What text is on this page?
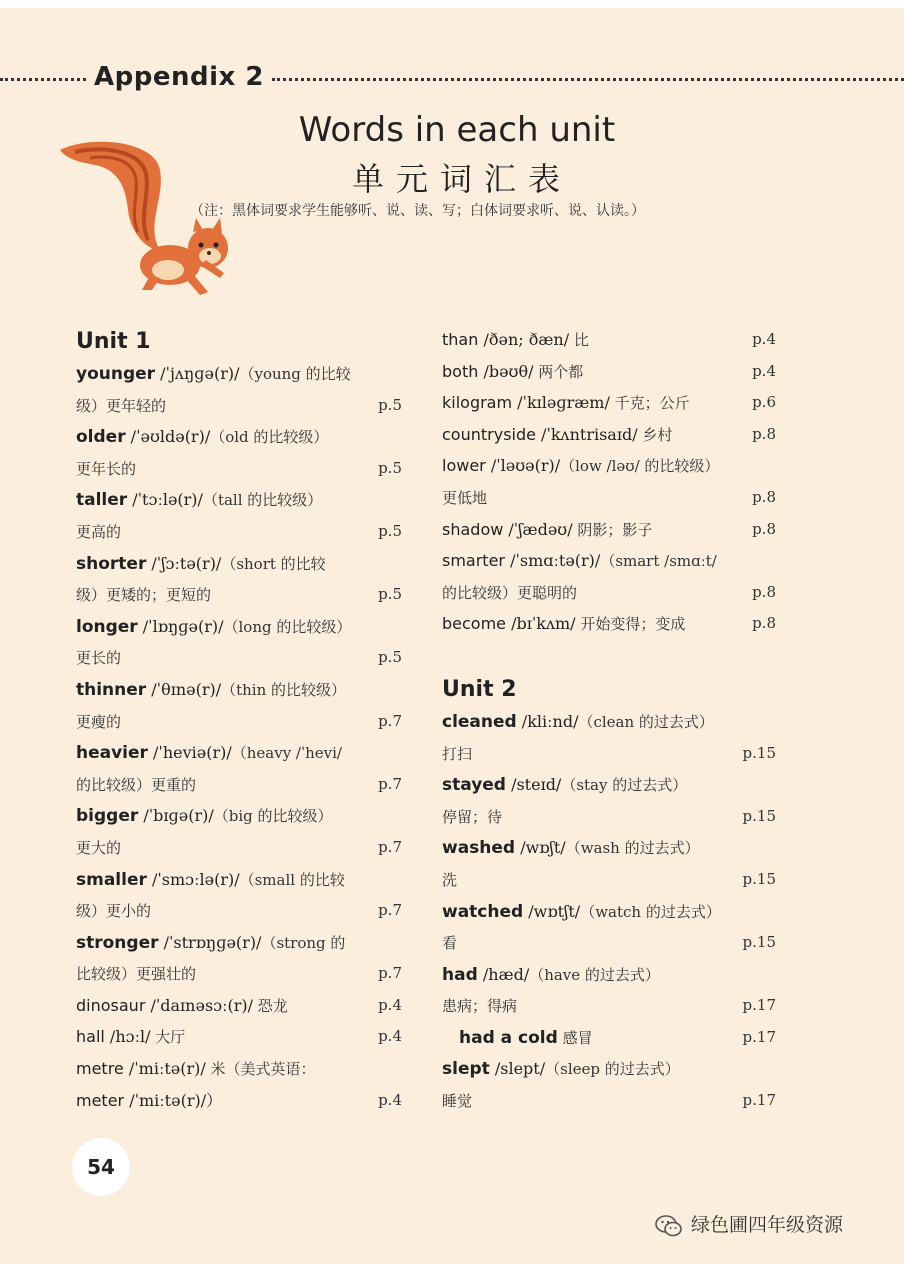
Appendix 2
Words in each unit
单元词汇表
（注：黑体词要求学生能够听、说、读、写；白体词要求听、说、认读。）
Unit 1
younger /ˈjʌŋɡə(r)/（young 的比较
级）更年轻的	p.5
older /ˈəʊldə(r)/（old 的比较级）
更年长的	p.5
taller /ˈtɔːlə(r)/（tall 的比较级）
更高的	p.5
shorter /ˈʃɔːtə(r)/（short 的比较
级）更矮的；更短的	p.5
longer /ˈlɒŋɡə(r)/（long 的比较级）
更长的	p.5
thinner /ˈθɪnə(r)/（thin 的比较级）
更瘦的	p.7
heavier /ˈheviə(r)/（heavy /ˈhevi/
的比较级）更重的	p.7
bigger /ˈbɪɡə(r)/（big 的比较级）
更大的	p.7
smaller /ˈsmɔːlə(r)/（small 的比较
级）更小的	p.7
stronger /ˈstrɒŋɡə(r)/（strong 的
比较级）更强壮的	p.7
dinosaur /ˈdaɪnəsɔː(r)/ 恐龙	p.4
hall /hɔːl/ 大厅	p.4
metre /ˈmiːtə(r)/ 米（美式英语：
meter /ˈmiːtə(r)/）	p.4
than /ðən; ðæn/ 比	p.4
both /bəʊθ/ 两个都	p.4
kilogram /ˈkɪləɡræm/ 千克；公斤	p.6
countryside /ˈkʌntrisaɪd/ 乡村	p.8
lower /ˈləʊə(r)/（low /ləʊ/ 的比较级）
更低地	p.8
shadow /ˈʃædəʊ/ 阴影；影子	p.8
smarter /ˈsmɑːtə(r)/（smart /smɑːt/
的比较级）更聪明的	p.8
become /bɪˈkʌm/ 开始变得；变成	p.8
Unit 2
cleaned /kliːnd/（clean 的过去式）
打扫	p.15
stayed /steɪd/（stay 的过去式）
停留；待	p.15
washed /wɒʃt/（wash 的过去式）
洗	p.15
watched /wɒtʃt/（watch 的过去式）
看	p.15
had /hæd/（have 的过去式）
患病；得病	p.17
had a cold 感冒	p.17
slept /slept/（sleep 的过去式）
睡觉	p.17
54
绿色圃四年级资源
